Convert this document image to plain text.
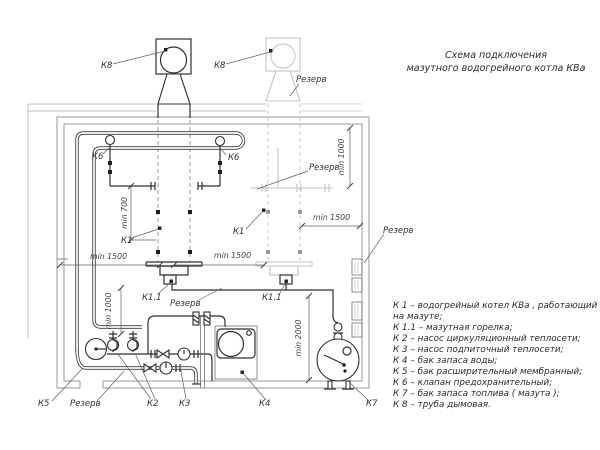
К8	К8
Резерв
К6	К6
К1
К1
Резерв
Резерв
К1.1
Резерв
К1.1
К5 Резерв	К2 К3	К4	К7
min 700
min 1500	min 1500
min 1500
min 1000
min 1000
min 2000
Схема подключения
мазутного водогрейного котла КВа
К 1 – водогрейный котел КВа , работающий
на мазуте;
К 1.1 – мазутная горелка;
К 2 – насос циркуляционный теплосети;
К 3 – насос подпиточный теплосети;
К 4 – бак запаса воды;
К 5 – бак расширительный мембранный;
К 6 – клапан предохранительный;
К 7 – бак запаса топлива ( мазута );
К 8 – труба дымовая.
